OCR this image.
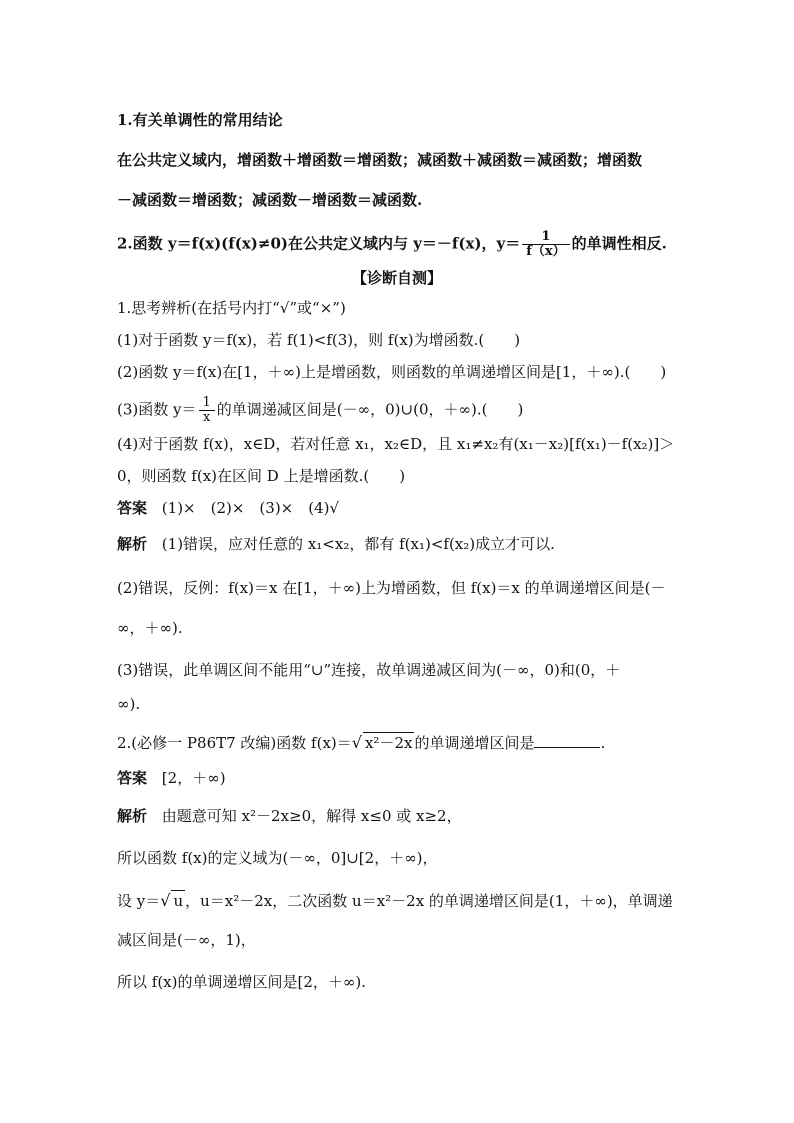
1.有关单调性的常用结论
在公共定义域内，增函数＋增函数＝增函数；减函数＋减函数＝减函数；增函数
－减函数＝增函数；减函数－增函数＝减函数.
2.函数 y＝f(x)(f(x)≠0)在公共定义域内与 y＝－f(x)，$y= \frac{1}{f(x)}$ 的单调性相反.
【诊断自测】
1.思考辨析(在括号内打“√”或“×”)
(1)对于函数 y＝f(x)，若 f(1)<f(3)，则 f(x)为增函数.(　　)
(2)函数 y＝f(x)在[1，＋∞)上是增函数，则函数的单调递增区间是[1，＋∞).(　　)
(3)函数 $y= \frac{1}{x}$ 的单调递减区间是(－∞，0)∪(0，＋∞).(　　)
(4)对于函数 f(x)，x∈D，若对任意 x₁，x₂∈D，且 x₁≠x₂有(x₁－x₂)[f(x₁)－f(x₂)]＞
0，则函数 f(x)在区间 D 上是增函数.(　　)
答案 (1)×　(2)×　(3)×　(4)√
解析 (1)错误，应对任意的 x₁<x₂，都有 f(x₁)<f(x₂)成立才可以.
(2)错误，反例：f(x)＝x 在[1，＋∞)上为增函数，但 f(x)＝x 的单调递增区间是(－
∞，＋∞).
(3)错误，此单调区间不能用“∪”连接，故单调递减区间为(－∞，0)和(0，＋
∞).
2.(必修一 P86T7 改编)函数 f(x)＝√ x²－2x 的单调递增区间是	.
答案 [2，＋∞)
解析 由题意可知 x²－2x≥0，解得 x≤0 或 x≥2，
所以函数 f(x)的定义域为(－∞，0]∪[2，＋∞)，
设 y＝√ u ，u＝x²－2x，二次函数 u＝x²－2x 的单调递增区间是(1，＋∞)，单调递
减区间是(－∞，1)，
所以 f(x)的单调递增区间是[2，＋∞).
